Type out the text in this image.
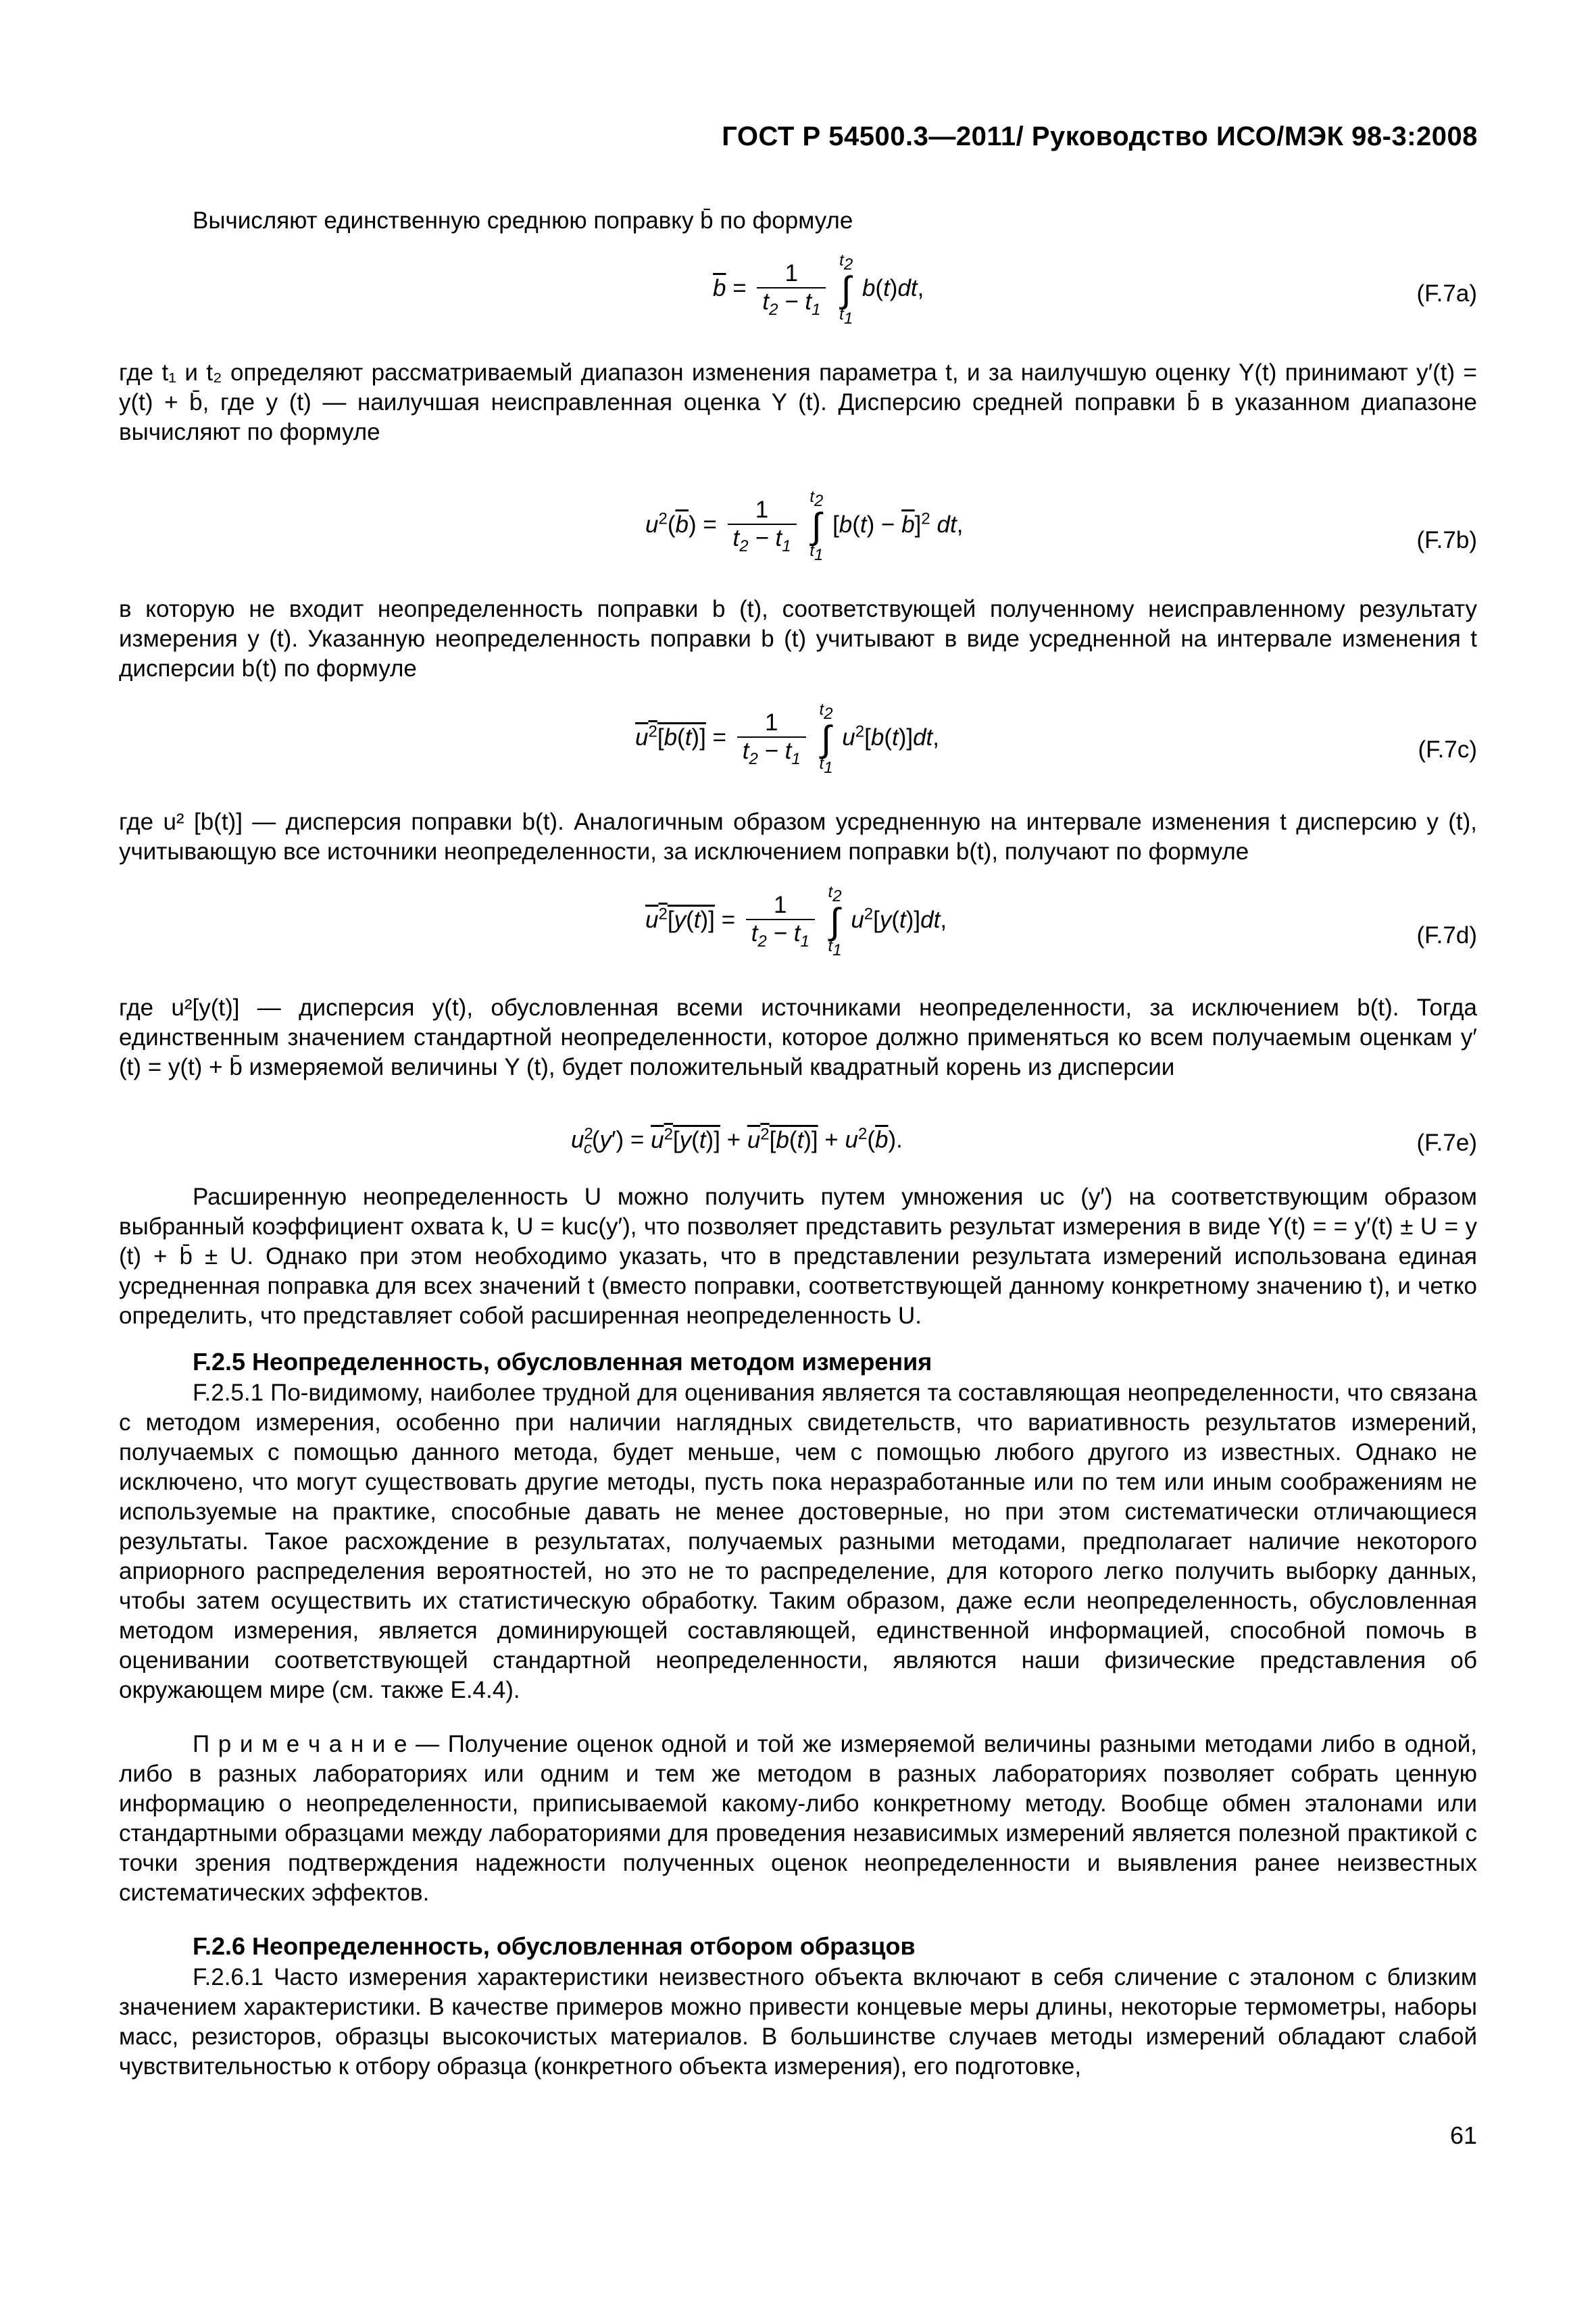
ГОСТ Р 54500.3—2011/ Руководство ИСО/МЭК 98-3:2008

Вычисляют единственную среднюю поправку b̄ по формуле

$\overline{b} = \frac{1}{t_2 - t_1} t_2$
∫
$t_1$ b(t)dt,	(F.7a)

где t₁ и t₂ определяют рассматриваемый диапазон изменения параметра t, и за наилучшую оценку Y(t) принимают y′(t) = y(t) + b̄, где y (t) — наилучшая неисправленная оценка Y (t). Дисперсию средней поправки b̄ в указанном диапазоне вычисляют по формуле

$u^2(\overline{b}) = \frac{1}{t_2 - t_1} t_2$
∫
$t_1$ $[b(t) - \overline{b}]^2$ dt,
(F.7b)

в которую не входит неопределенность поправки b (t), соответствующей полученному неисправленному результату измерения y (t). Указанную неопределенность поправки b (t) учитывают в виде усредненной на интервале изменения t дисперсии b(t) по формуле

$u^2[b(t)] = \frac{1}{t_2 - t_1} t_2$
∫
$t_1$ $u^2[b(t)]dt$,	(F.7c)

где u² [b(t)] — дисперсия поправки b(t). Аналогичным образом усредненную на интервале изменения t дисперсию y (t), учитывающую все источники неопределенности, за исключением поправки b(t), получают по формуле

$u^2[y(t)] = \frac{1}{t_2 - t_1} t_2$
∫
$t_1$ $u^2[y(t)]dt$,
(F.7d)

где u²[y(t)] — дисперсия y(t), обусловленная всеми источниками неопределенности, за исключением b(t). Тогда единственным значением стандартной неопределенности, которое должно применяться ко всем получаемым оценкам y′(t) = y(t) + b̄ измеряемой величины Y (t), будет положительный квадратный корень из дисперсии

$u^2_c(y') = u^2[y(t)] + u^2[b(t)] + u^2(\overline{b})$.	(F.7e)

Расширенную неопределенность U можно получить путем умножения uc (y′) на соответствующим образом выбранный коэффициент охвата k, U = kuc(y′), что позволяет представить результат измерения в виде Y(t) = = y′(t) ± U = y (t) + b̄ ± U. Однако при этом необходимо указать, что в представлении результата измерений использована единая усредненная поправка для всех значений t (вместо поправки, соответствующей данному конкретному значению t), и четко определить, что представляет собой расширенная неопределенность U.

F.2.5 Неопределенность, обусловленная методом измерения

F.2.5.1 По-видимому, наиболее трудной для оценивания является та составляющая неопределенности, что связана с методом измерения, особенно при наличии наглядных свидетельств, что вариативность результатов измерений, получаемых с помощью данного метода, будет меньше, чем с помощью любого другого из известных. Однако не исключено, что могут существовать другие методы, пусть пока неразработанные или по тем или иным соображениям не используемые на практике, способные давать не менее достоверные, но при этом систематически отличающиеся результаты. Такое расхождение в результатах, получаемых разными методами, предполагает наличие некоторого априорного распределения вероятностей, но это не то распределение, для которого легко получить выборку данных, чтобы затем осуществить их статистическую обработку. Таким образом, даже если неопределенность, обусловленная методом измерения, является доминирующей составляющей, единственной информацией, способной помочь в оценивании соответствующей стандартной неопределенности, являются наши физические представления об окружающем мире (см. также Е.4.4).

П р и м е ч а н и е — Получение оценок одной и той же измеряемой величины разными методами либо в одной, либо в разных лабораториях или одним и тем же методом в разных лабораториях позволяет собрать ценную информацию о неопределенности, приписываемой какому-либо конкретному методу. Вообще обмен эталонами или стандартными образцами между лабораториями для проведения независимых измерений является полезной практикой с точки зрения подтверждения надежности полученных оценок неопределенности и выявления ранее неизвестных систематических эффектов.

F.2.6 Неопределенность, обусловленная отбором образцов

F.2.6.1 Часто измерения характеристики неизвестного объекта включают в себя сличение с эталоном с близким значением характеристики. В качестве примеров можно привести концевые меры длины, некоторые термометры, наборы масс, резисторов, образцы высокочистых материалов. В большинстве случаев методы измерений обладают слабой чувствительностью к отбору образца (конкретного объекта измерения), его подготовке,

61
